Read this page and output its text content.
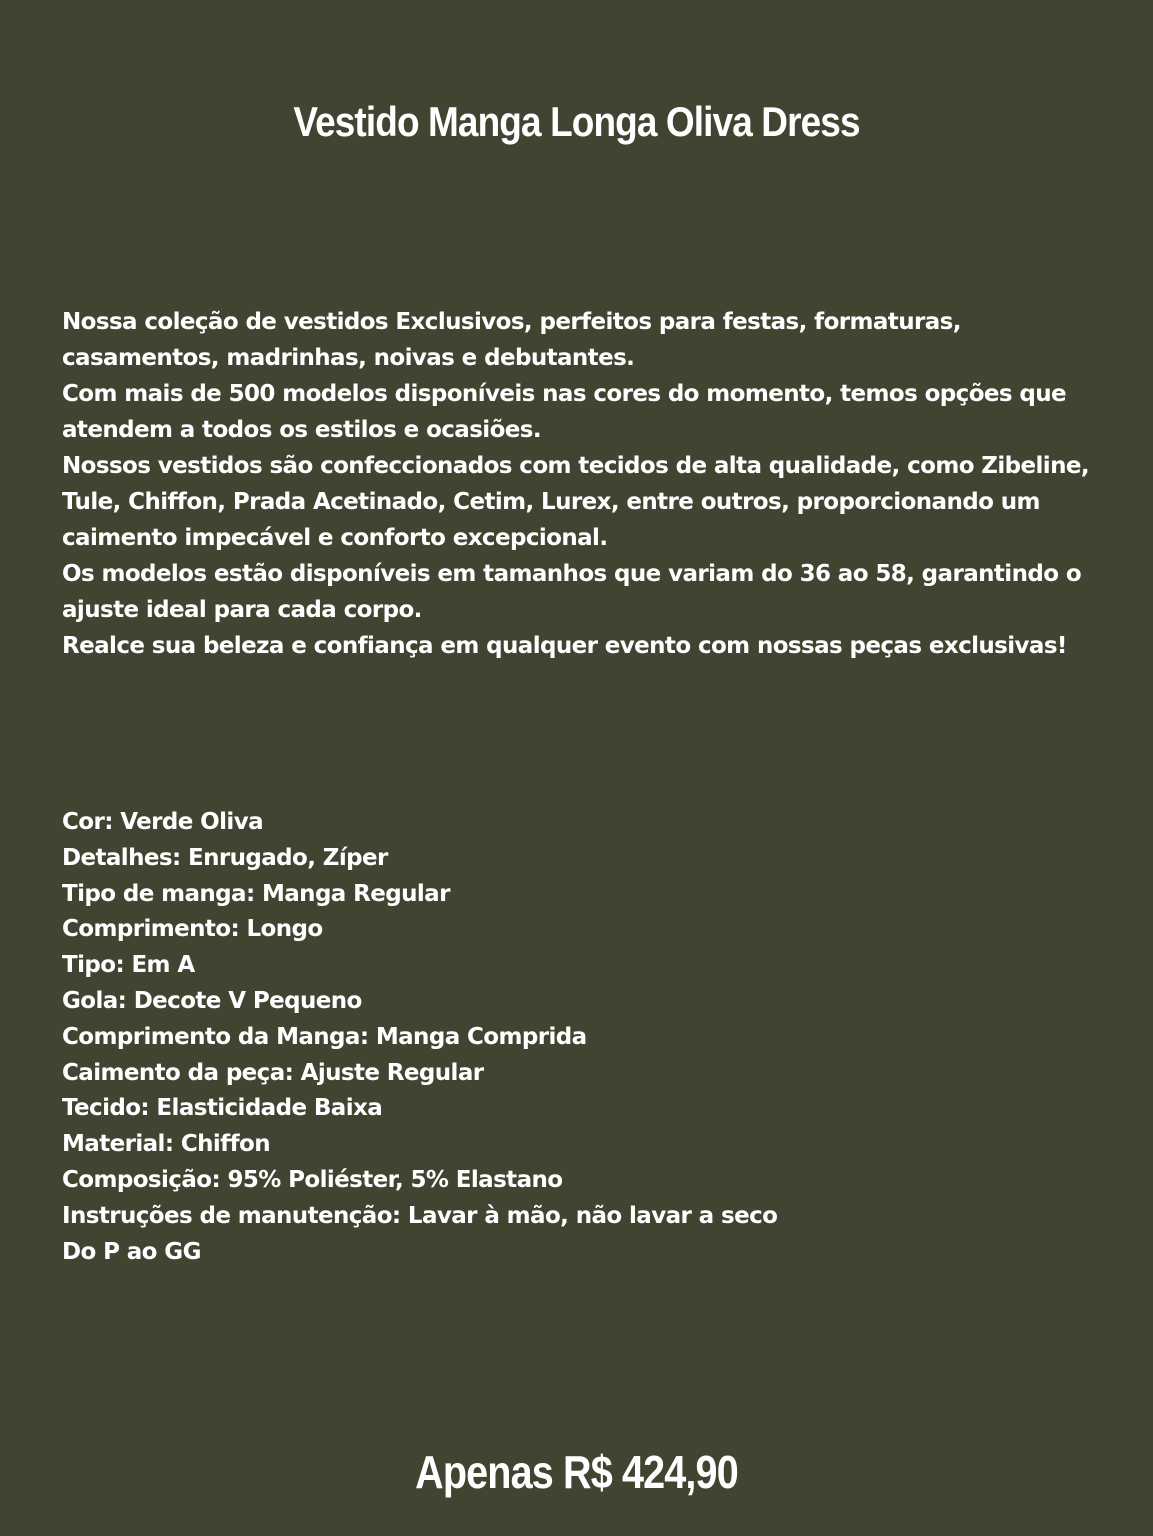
Vestido Manga Longa Oliva Dress

Nossa coleção de vestidos Exclusivos, perfeitos para festas, formaturas, casamentos, madrinhas, noivas e debutantes.

Com mais de 500 modelos disponíveis nas cores do momento, temos opções que atendem a todos os estilos e ocasiões.

Nossos vestidos são confeccionados com tecidos de alta qualidade, como Zibeline, Tule, Chiffon, Prada Acetinado, Cetim, Lurex, entre outros, proporcionando um caimento impecável e conforto excepcional.

Os modelos estão disponíveis em tamanhos que variam do 36 ao 58, garantindo o ajuste ideal para cada corpo.

Realce sua beleza e confiança em qualquer evento com nossas peças exclusivas!

Cor: Verde Oliva
Detalhes: Enrugado, Zíper
Tipo de manga: Manga Regular
Comprimento: Longo
Tipo: Em A
Gola: Decote V Pequeno
Comprimento da Manga: Manga Comprida
Caimento da peça: Ajuste Regular
Tecido: Elasticidade Baixa
Material: Chiffon
Composição: 95% Poliéster, 5% Elastano
Instruções de manutenção: Lavar à mão, não lavar a seco
Do P ao GG
Apenas R$ 424,90
